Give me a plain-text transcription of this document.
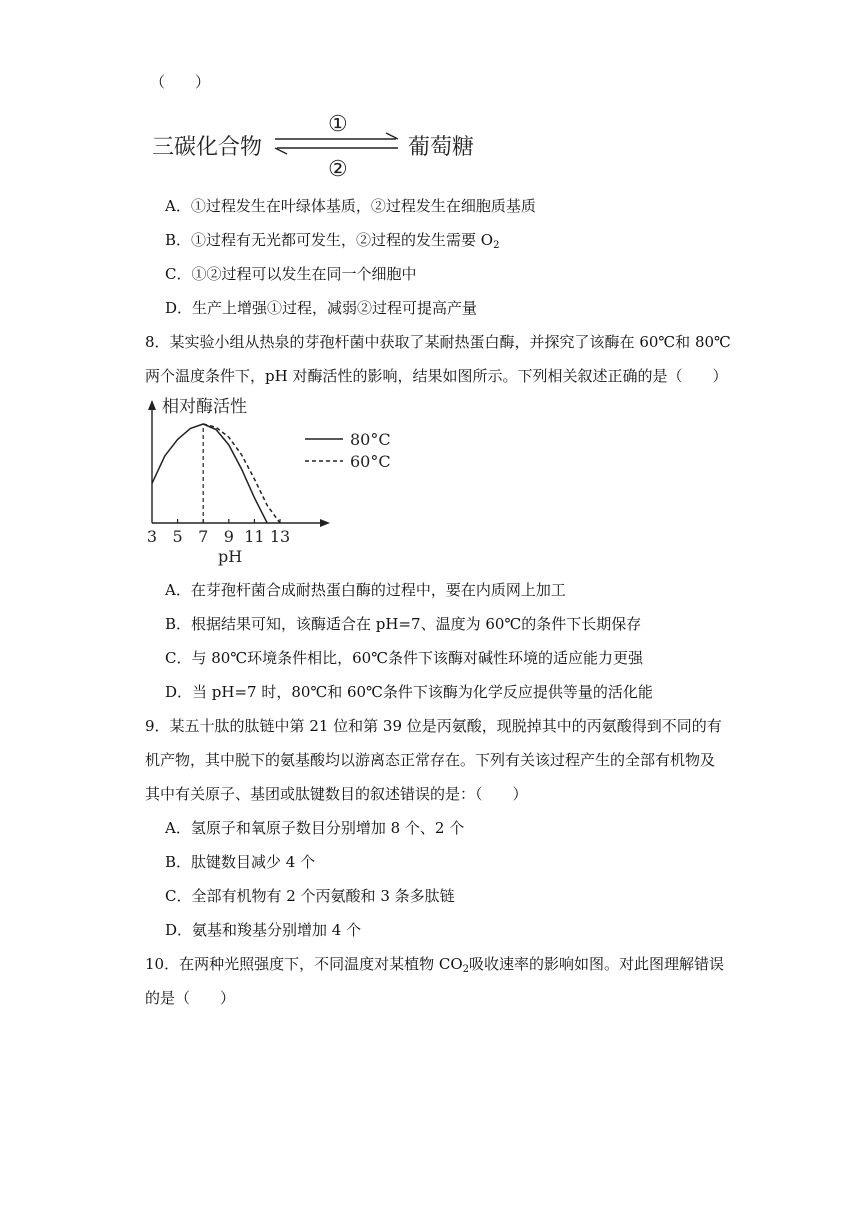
（　　）
三碳化合物	葡萄糖
①
②
A．①过程发生在叶绿体基质，②过程发生在细胞质基质
B．①过程有无光都可发生，②过程的发生需要 $O_2$
C．①②过程可以发生在同一个细胞中
D．生产上增强①过程，减弱②过程可提高产量
8．某实验小组从热泉的芽孢杆菌中获取了某耐热蛋白酶，并探究了该酶在 60℃和 80℃
两个温度条件下，pH 对酶活性的影响，结果如图所示。下列相关叙述正确的是（　　）
相对酶活性
pH
3 5 7 9 11 13
80°C
60°C
A．在芽孢杆菌合成耐热蛋白酶的过程中，要在内质网上加工
B．根据结果可知，该酶适合在 pH=7、温度为 60℃的条件下长期保存
C．与 80℃环境条件相比，60℃条件下该酶对碱性环境的适应能力更强
D．当 pH=7 时，80℃和 60℃条件下该酶为化学反应提供等量的活化能
9．某五十肽的肽链中第 21 位和第 39 位是丙氨酸，现脱掉其中的丙氨酸得到不同的有
机产物，其中脱下的氨基酸均以游离态正常存在。下列有关该过程产生的全部有机物及
其中有关原子、基团或肽键数目的叙述错误的是：（　　）
A．氢原子和氧原子数目分别增加 8 个、2 个
B．肽键数目减少 4 个
C．全部有机物有 2 个丙氨酸和 3 条多肽链
D．氨基和羧基分别增加 4 个
10．在两种光照强度下，不同温度对某植物 $CO_2$吸收速率的影响如图。对此图理解错误
的是（　　）
